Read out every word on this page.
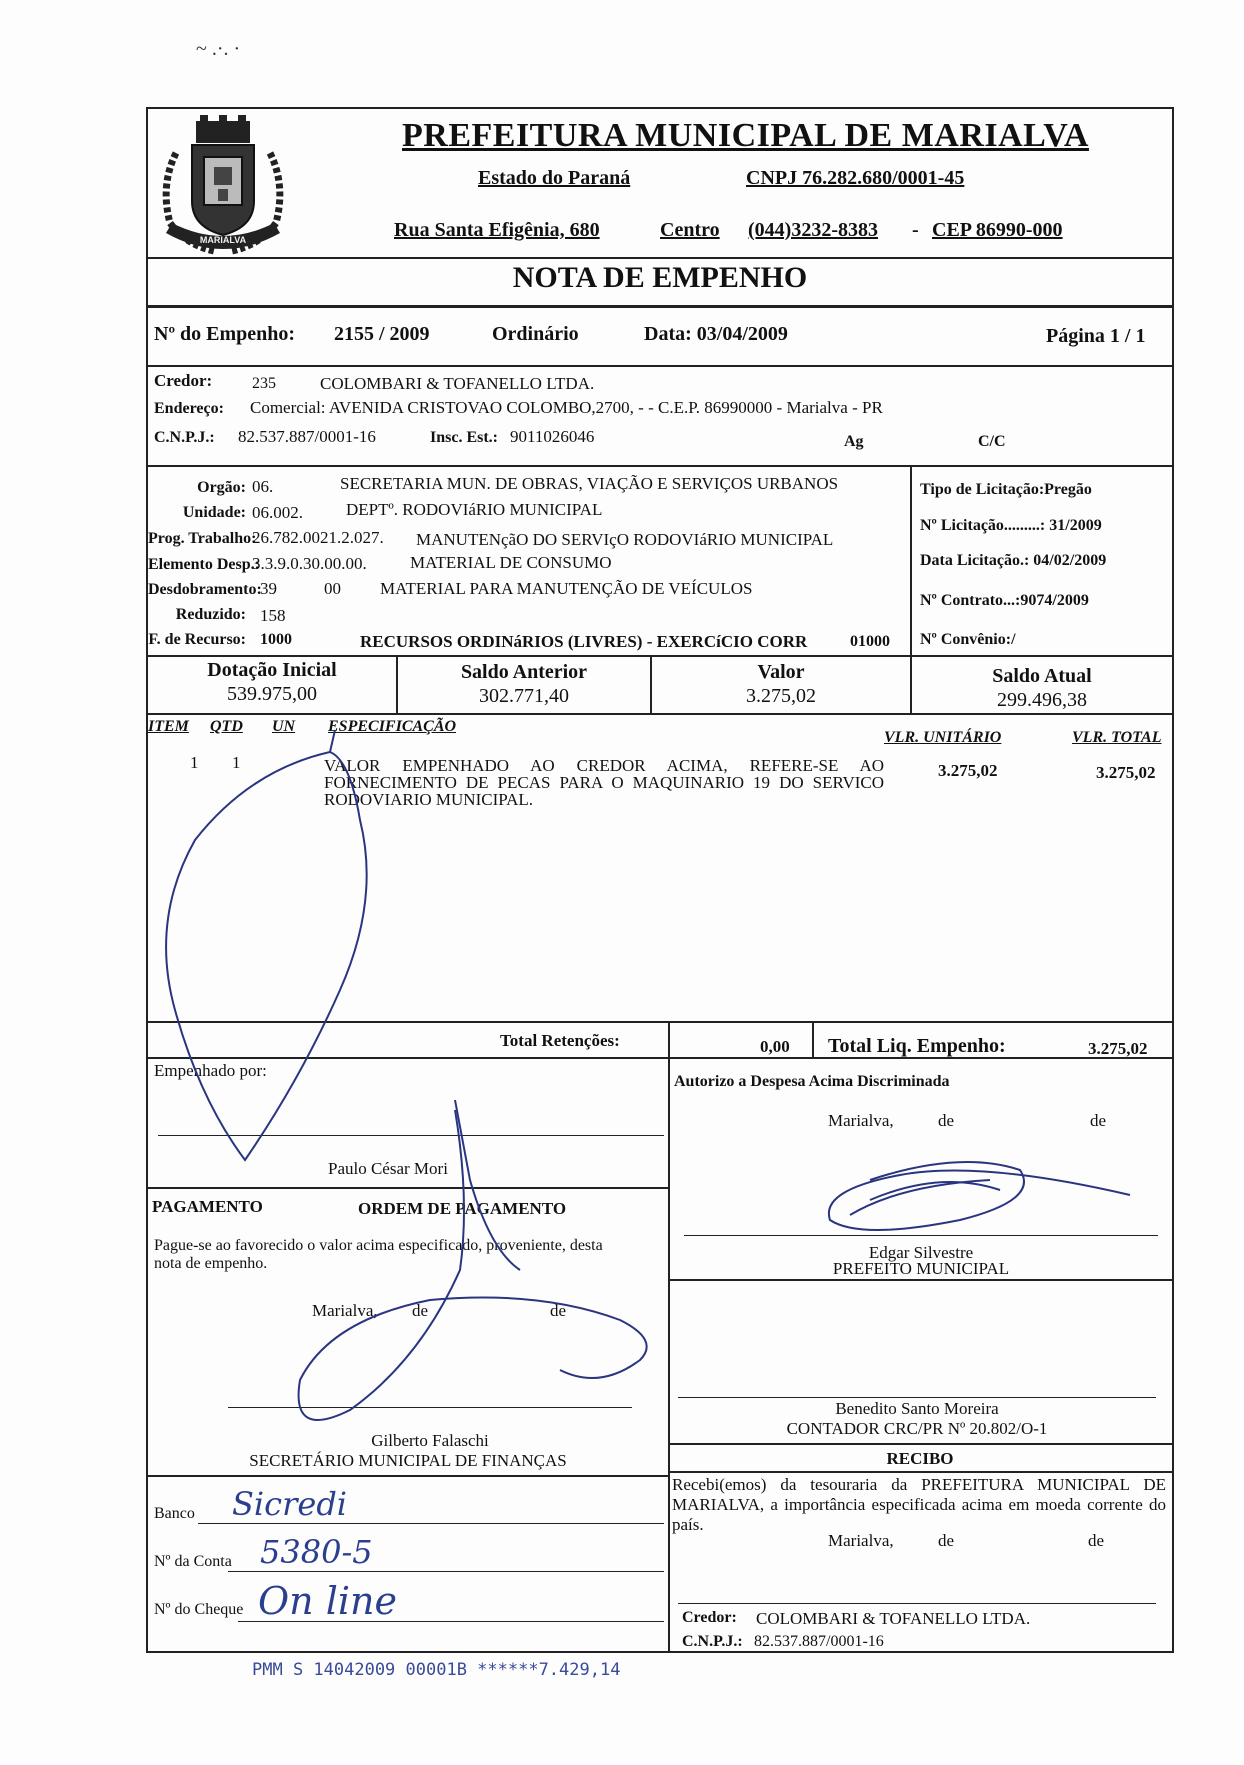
~ .·. ·
MARIALVA
PREFEITURA MUNICIPAL DE MARIALVA
Estado do Paraná	CNPJ 76.282.680/0001-45
Rua Santa Efigênia, 680	Centro (044)3232-8383 - CEP 86990-000
NOTA DE EMPENHO
Nº do Empenho: 2155 / 2009	Ordinário	Data: 03/04/2009	Página 1 / 1
Credor: 235	COLOMBARI & TOFANELLO LTDA.
Endereço: Comercial: AVENIDA CRISTOVAO COLOMBO,2700, - - C.E.P. 86990000 - Marialva - PR
C.N.P.J.: 82.537.887/0001-16	Insc. Est.: 9011026046	Ag	C/C
Orgão: 06.	SECRETARIA MUN. DE OBRAS, VIAÇÃO E SERVIÇOS URBANOS
Unidade: 06.002.	DEPTº. RODOVIáRIO MUNICIPAL
Prog. Trabalho:
26.782.0021.2.027. MANUTENçãO DO SERVIçO RODOVIáRIO MUNICIPAL
Elemento Desp.:
3.3.9.0.30.00.00.	MATERIAL DE CONSUMO
Desdobramento:
39	00 MATERIAL PARA MANUTENÇÃO DE VEÍCULOS
Reduzido: 158
F. de Recurso: 1000	RECURSOS ORDINáRIOS (LIVRES) - EXERCíCIO CORR	01000
Tipo de Licitação:Pregão
Nº Licitação.........: 31/2009
Data Licitação.: 04/02/2009
Nº Contrato...:9074/2009
Nº Convênio:/
Dotação Inicial
539.975,00
Saldo Anterior
302.771,40
Valor
3.275,02
Saldo Atual
299.496,38
ITEM QTD UN ESPECIFICAÇÃO
VLR. UNITÁRIO	VLR. TOTAL
1 1	VALOR EMPENHADO AO CREDOR ACIMA, REFERE-SE AO FORNECIMENTO DE PECAS PARA O MAQUINARIO 19 DO SERVICO RODOVIARIO MUNICIPAL.
3.275,02	3.275,02
Total Retenções:	0,00 Total Liq. Empenho:	3.275,02
Empenhado por:
Paulo César Mori
PAGAMENTO	ORDEM DE PAGAMENTO
Pague-se ao favorecido o valor acima especificado, proveniente, desta nota de empenho.
Marialva, de	de
Gilberto Falaschi
SECRETÁRIO MUNICIPAL DE FINANÇAS
Banco Sicredi
Nº da Conta 5380-5
Nº do Cheque On line
Autorizo a Despesa Acima Discriminada
Marialva,	de	de
Edgar Silvestre
PREFEITO MUNICIPAL
Benedito Santo Moreira
CONTADOR CRC/PR Nº 20.802/O-1
RECIBO
Recebi(emos) da tesouraria da PREFEITURA MUNICIPAL DE MARIALVA, a importância especificada acima em moeda corrente do país.
Marialva,	de	de
Credor: COLOMBARI & TOFANELLO LTDA.
C.N.P.J.: 82.537.887/0001-16
PMM S 14042009 00001B ******7.429,14
